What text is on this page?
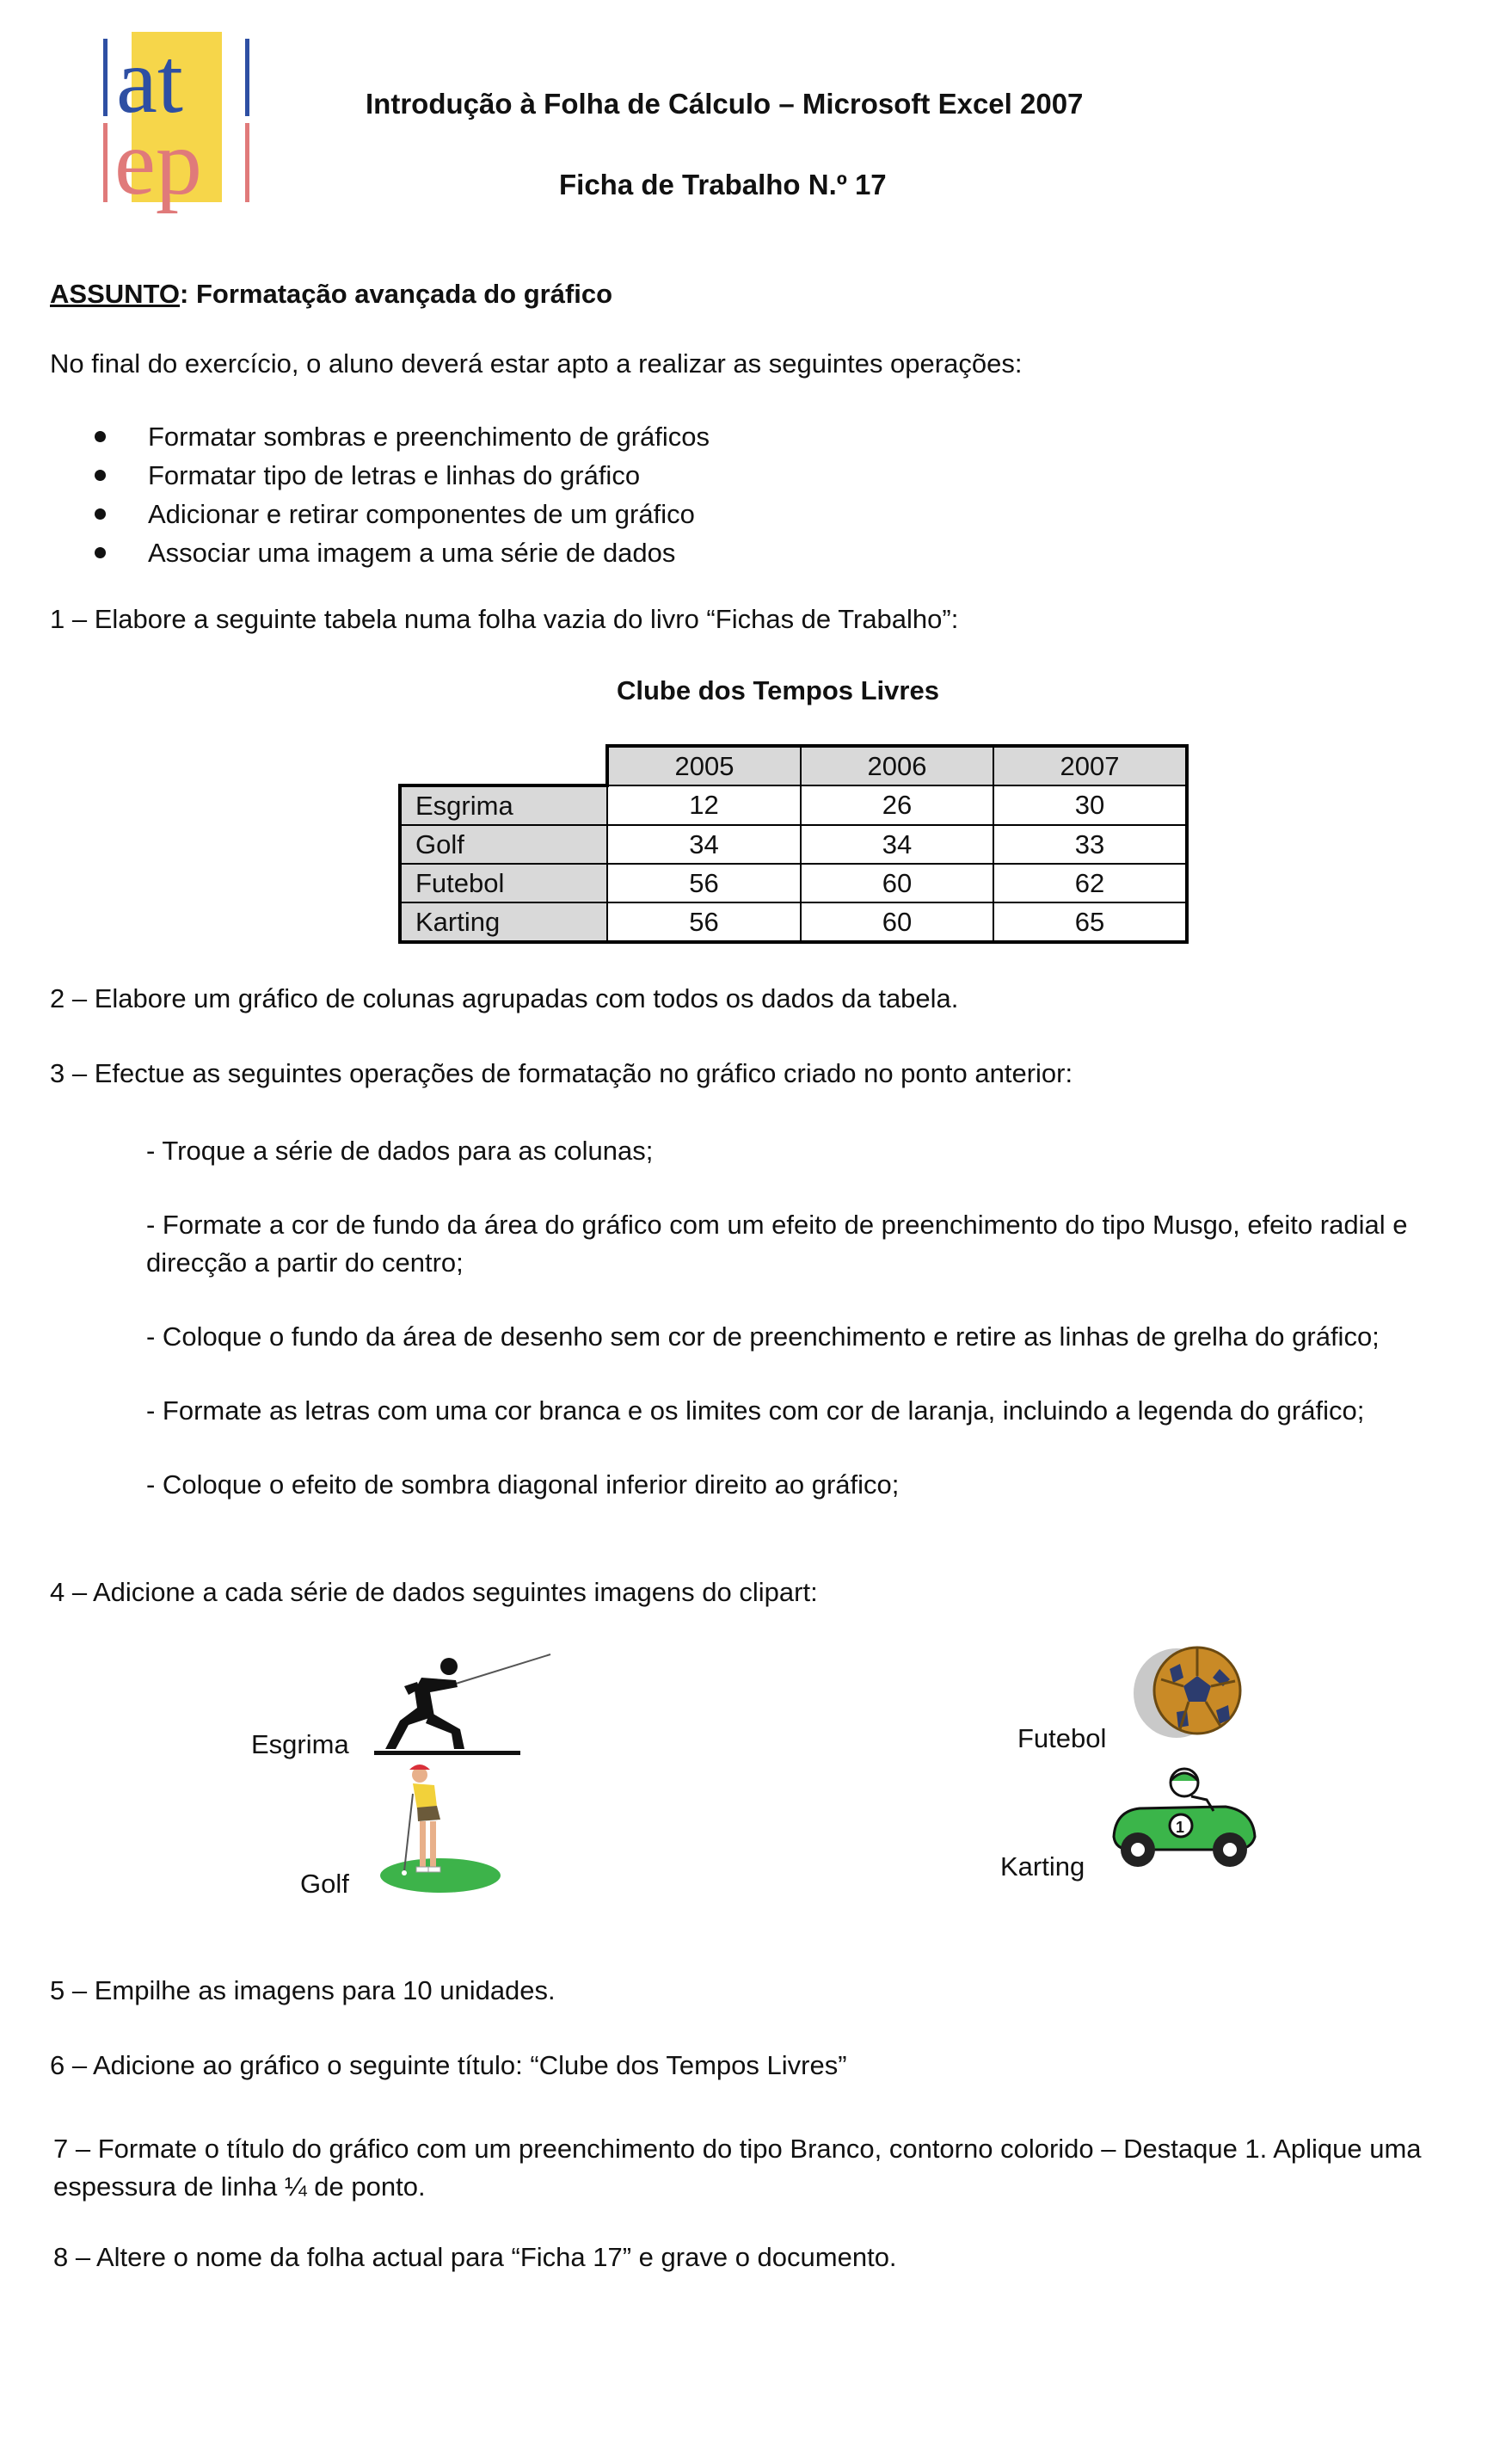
at
ep
Introdução à Folha de Cálculo – Microsoft Excel 2007
Ficha de Trabalho N.º 17
ASSUNTO: Formatação avançada do gráfico
No final do exercício, o aluno deverá estar apto a realizar as seguintes operações:
Formatar sombras e preenchimento de gráficos
Formatar tipo de letras e linhas do gráfico
Adicionar e retirar componentes de um gráfico
Associar uma imagem a uma série de dados
1 – Elabore a seguinte tabela numa folha vazia do livro “Fichas de Trabalho”:
Clube dos Tempos Livres
	2005	2006	2007
Esgrima	12	26	30
Golf	34	34	33
Futebol	56	60	62
Karting	56	60	65
2 – Elabore um gráfico de colunas agrupadas com todos os dados da tabela.
3 – Efectue as seguintes operações de formatação no gráfico criado no ponto anterior:
- Troque a série de dados para as colunas;
- Formate a cor de fundo da área do gráfico com um efeito de preenchimento do tipo Musgo, efeito radial e direcção a partir do centro;
- Coloque o fundo da área de desenho sem cor de preenchimento e retire as linhas de grelha do gráfico;
- Formate as letras com uma cor branca e os limites com cor de laranja, incluindo a legenda do gráfico;
- Coloque o efeito de sombra diagonal inferior direito ao gráfico;
4 – Adicione a cada série de dados seguintes imagens do clipart:
Esgrima
Golf
Futebol
Karting
1
5 – Empilhe as imagens para 10 unidades.
6 – Adicione ao gráfico o seguinte título: “Clube dos Tempos Livres”
7 – Formate o título do gráfico com um preenchimento do tipo Branco, contorno colorido – Destaque 1. Aplique uma espessura de linha ¼ de ponto.
8 – Altere o nome da folha actual para “Ficha 17” e grave o documento.
